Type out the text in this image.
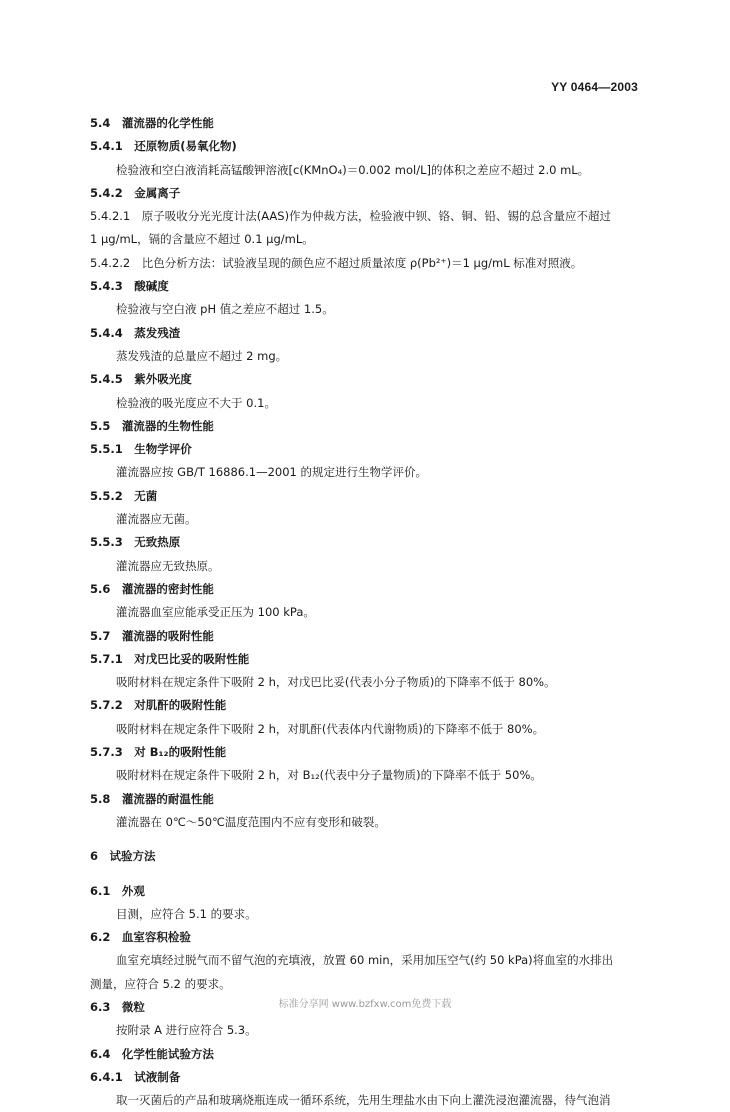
YY 0464—2003
5.4　灌流器的化学性能
5.4.1　还原物质(易氧化物)
检验液和空白液消耗高锰酸钾溶液[c(KMnO₄)＝0.002 mol/L]的体积之差应不超过 2.0 mL。
5.4.2　金属离子
5.4.2.1　原子吸收分光光度计法(AAS)作为仲裁方法，检验液中钡、铬、铜、铅、锡的总含量应不超过
1 μg/mL，镉的含量应不超过 0.1 μg/mL。
5.4.2.2　比色分析方法：试验液呈现的颜色应不超过质量浓度 ρ(Pb²⁺)＝1 μg/mL 标准对照液。
5.4.3　酸碱度
检验液与空白液 pH 值之差应不超过 1.5。
5.4.4　蒸发残渣
蒸发残渣的总量应不超过 2 mg。
5.4.5　紫外吸光度
检验液的吸光度应不大于 0.1。
5.5　灌流器的生物性能
5.5.1　生物学评价
灌流器应按 GB/T 16886.1—2001 的规定进行生物学评价。
5.5.2　无菌
灌流器应无菌。
5.5.3　无致热原
灌流器应无致热原。
5.6　灌流器的密封性能
灌流器血室应能承受正压为 100 kPa。
5.7　灌流器的吸附性能
5.7.1　对戊巴比妥的吸附性能
吸附材料在规定条件下吸附 2 h，对戊巴比妥(代表小分子物质)的下降率不低于 80%。
5.7.2　对肌酐的吸附性能
吸附材料在规定条件下吸附 2 h，对肌酐(代表体内代谢物质)的下降率不低于 80%。
5.7.3　对 B₁₂的吸附性能
吸附材料在规定条件下吸附 2 h，对 B₁₂(代表中分子量物质)的下降率不低于 50%。
5.8　灌流器的耐温性能
灌流器在 0℃～50℃温度范围内不应有变形和破裂。
6　试验方法
6.1　外观
目测，应符合 5.1 的要求。
6.2　血室容积检验
血室充填经过脱气而不留气泡的充填液，放置 60 min，采用加压空气(约 50 kPa)将血室的水排出
测量，应符合 5.2 的要求。
6.3　微粒
按附录 A 进行应符合 5.3。
6.4　化学性能试验方法
6.4.1　试液制备
取一灭菌后的产品和玻璃烧瓶连成一循环系统，先用生理盐水由下向上灌洗浸泡灌流器，待气泡消
标准分享网 www.bzfxw.com免费下载
